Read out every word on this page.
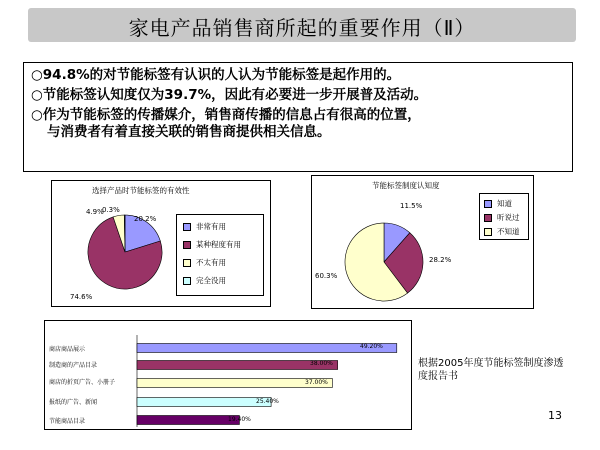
家电产品销售商所起的重要作用（Ⅱ）
○94.8%的对节能标签有认识的人认为节能标签是起作用的。
○节能标签认知度仅为39.7%，因此有必要进一步开展普及活动。
○作为节能标签的传播媒介，销售商传播的信息占有很高的位置，
与消费者有着直接关联的销售商提供相关信息。
选择产品时节能标签的有效性
4.9%
0.3%
20.2%
74.6%
非常有用
某种程度有用
不太有用
完全没用
节能标签制度认知度
11.5%
28.2%
60.3%
知道
听说过
不知道
商店商品展示
制造商的产品目录
商店的折页广告、小册子
报纸的广告、新闻
节能商品目录
49.20%
38.00%
37.00%
25.40%
19.40%
根据2005年度节能标签制度渗透度报告书
13
